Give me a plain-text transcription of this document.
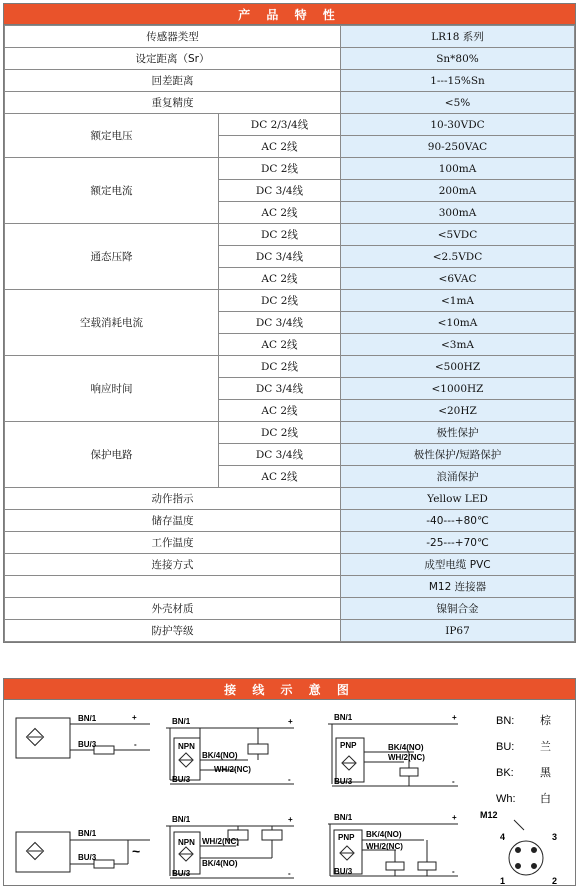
产 品 特 性
传感器类型		LR18 系列
设定距离（Sr）		Sn*80%
回差距离		1---15%Sn
重复精度		<5%
额定电压	DC 2/3/4线	10-30VDC
	AC 2线	90-250VAC
额定电流	DC 2线	100mA
	DC 3/4线	200mA
	AC 2线	300mA
通态压降	DC 2线	<5VDC
	DC 3/4线	<2.5VDC
	AC 2线	<6VAC
空载消耗电流	DC 2线	<1mA
	DC 3/4线	<10mA
	AC 2线	<3mA
响应时间	DC 2线	<500HZ
	DC 3/4线	<1000HZ
	AC 2线	<20HZ
保护电路	DC 2线	极性保护
	DC 3/4线	极性保护/短路保护
	AC 2线	浪涌保护
动作指示		Yellow LED
储存温度		-40---+80℃
工作温度		-25---+70℃
连接方式		成型电缆 PVC
		M12 连接器
外壳材质		镍铜合金
防护等级		IP67
接 线 示 意 图
BN/1
BU/3
+
-
BN/1
NPN
BK/4(NO)
WH/2(NC)
BU/3
+
-
BN/1
PNP	BK/4(NO)
WH/2(NC)
BU/3
+
-
BN/1
BU/3	~
BN/1
NPN WH/2(NC)
BK/4(NO)
BU/3
+
-
BN/1
PNP BK/4(NO)
WH/2(NC)
BU/3
+
-
BN: 棕
BU: 兰
BK: 黑
Wh: 白
M12
4	3
1	2
